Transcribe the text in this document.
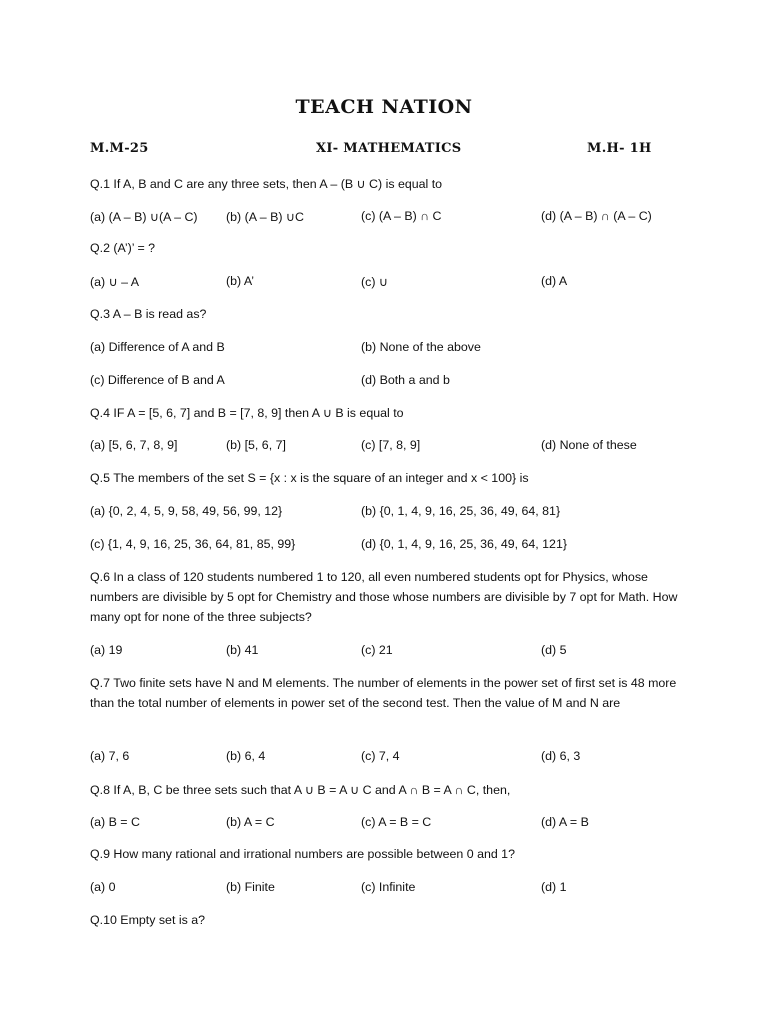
TEACH NATION
M.M-25	XI- MATHEMATICS	M.H- 1H
Q.1 If A, B and C are any three sets, then A – (B ∪ C) is equal to
(a) (A – B) ∪(A – C) (b) (A – B) ∪C	(c) (A – B) ∩ C	(d) (A – B) ∩ (A – C)
Q.2 (A’)’ = ?
(a) ∪ – A	(b) A’	(c) ∪	(d) A
Q.3 A – B is read as?
(a) Difference of A and B	(b) None of the above
(c) Difference of B and A	(d) Both a and b
Q.4 IF A = [5, 6, 7] and B = [7, 8, 9] then A ∪ B is equal to
(a) [5, 6, 7, 8, 9]	(b) [5, 6, 7]	(c) [7, 8, 9]	(d) None of these
Q.5 The members of the set S = {x : x is the square of an integer and x < 100} is
(a) {0, 2, 4, 5, 9, 58, 49, 56, 99, 12}	(b) {0, 1, 4, 9, 16, 25, 36, 49, 64, 81}
(c) {1, 4, 9, 16, 25, 36, 64, 81, 85, 99}	(d) {0, 1, 4, 9, 16, 25, 36, 49, 64, 121}
Q.6 In a class of 120 students numbered 1 to 120, all even numbered students opt for Physics, whose numbers are divisible by 5 opt for Chemistry and those whose numbers are divisible by 7 opt for Math. How many opt for none of the three subjects?
(a) 19	(b) 41	(c) 21	(d) 5
Q.7 Two finite sets have N and M elements. The number of elements in the power set of first set is 48 more than the total number of elements in power set of the second test. Then the value of M and N are
(a) 7, 6	(b) 6, 4	(c) 7, 4	(d) 6, 3
Q.8 If A, B, C be three sets such that A ∪ B = A ∪ C and A ∩ B = A ∩ C, then,
(a) B = C	(b) A = C	(c) A = B = C	(d) A = B
Q.9 How many rational and irrational numbers are possible between 0 and 1?
(a) 0	(b) Finite	(c) Infinite	(d) 1
Q.10 Empty set is a?
